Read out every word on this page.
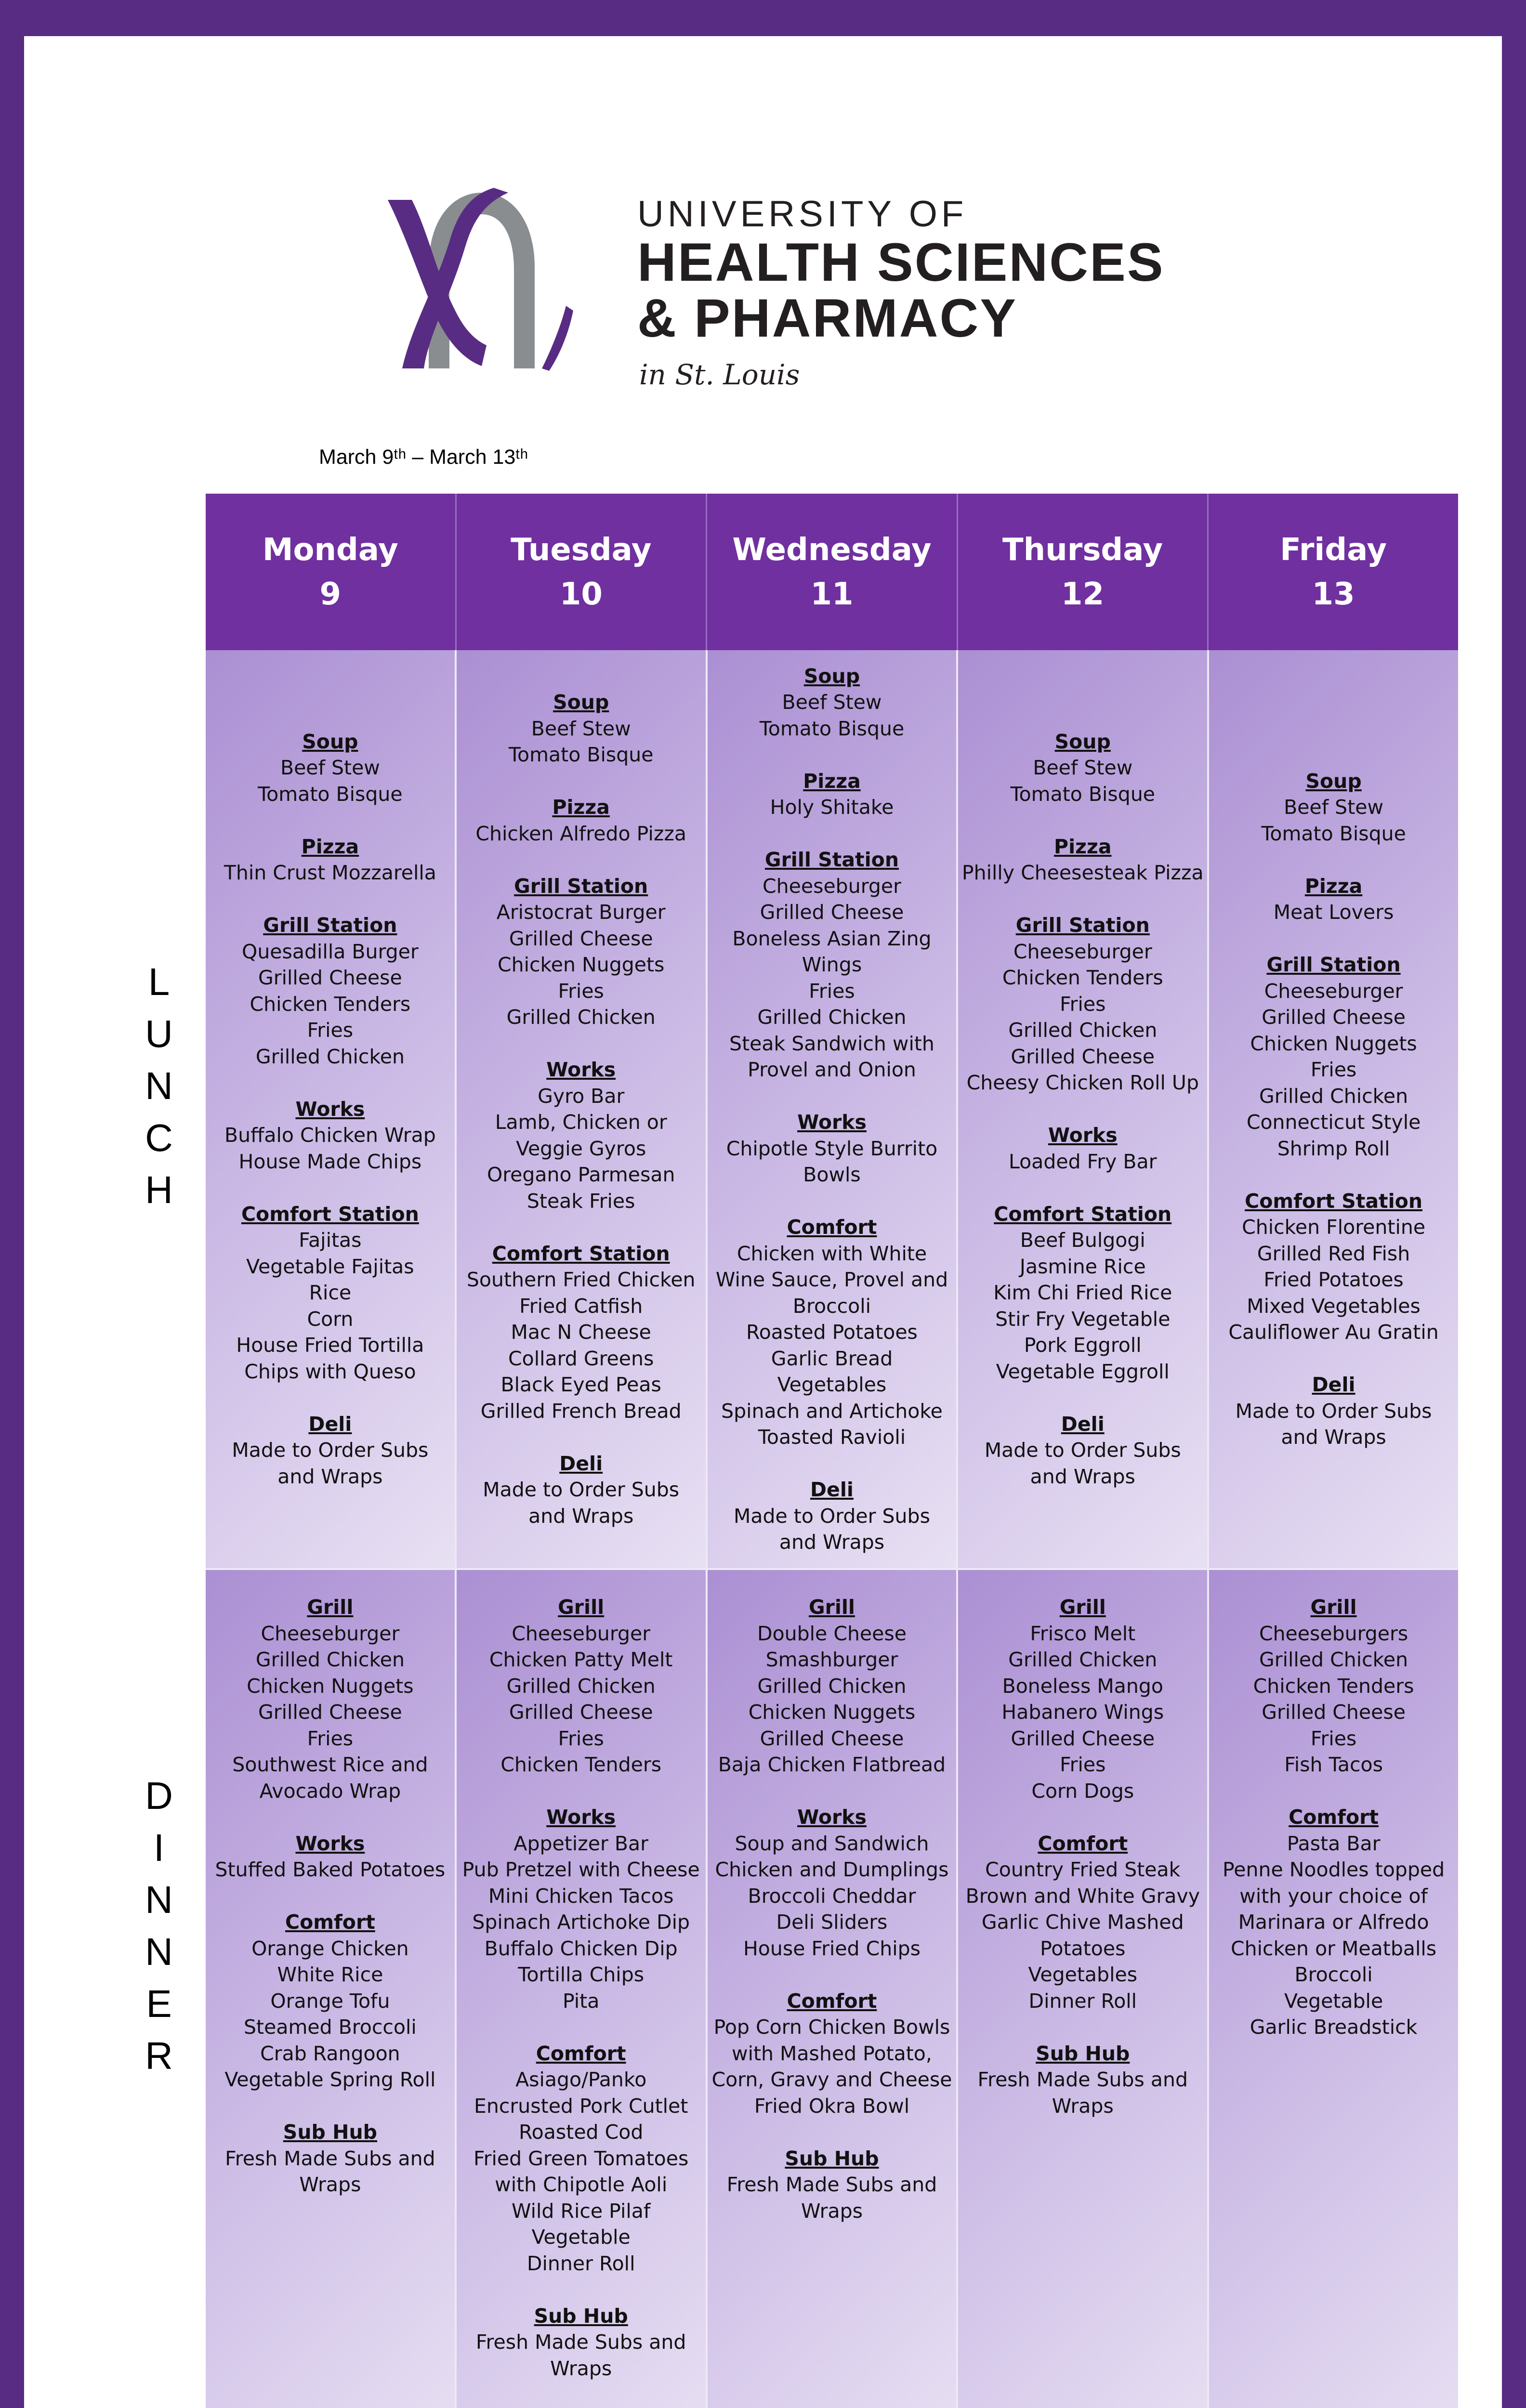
UNIVERSITY OF
HEALTH SCIENCES
& PHARMACY
in St. Louis
March 9ᵗʰ – March 13ᵗʰ
L
U
N
C
H
D
I
N
N
E
R
Monday
9
Tuesday
10
Wednesday
11
Thursday
12
Friday
13
Soup
Beef Stew
Tomato Bisque
Pizza
Thin Crust Mozzarella
Grill Station
Quesadilla Burger
Grilled Cheese
Chicken Tenders
Fries
Grilled Chicken
Works
Buffalo Chicken Wrap
House Made Chips
Comfort Station
Fajitas
Vegetable Fajitas
Rice
Corn
House Fried Tortilla
Chips with Queso
Deli
Made to Order Subs
and Wraps
Soup
Beef Stew
Tomato Bisque
Pizza
Chicken Alfredo Pizza
Grill Station
Aristocrat Burger
Grilled Cheese
Chicken Nuggets
Fries
Grilled Chicken
Works
Gyro Bar
Lamb, Chicken or
Veggie Gyros
Oregano Parmesan
Steak Fries
Comfort Station
Southern Fried Chicken
Fried Catfish
Mac N Cheese
Collard Greens
Black Eyed Peas
Grilled French Bread
Deli
Made to Order Subs
and Wraps
Soup
Beef Stew
Tomato Bisque
Pizza
Holy Shitake
Grill Station
Cheeseburger
Grilled Cheese
Boneless Asian Zing
Wings
Fries
Grilled Chicken
Steak Sandwich with
Provel and Onion
Works
Chipotle Style Burrito
Bowls
Comfort
Chicken with White
Wine Sauce, Provel and
Broccoli
Roasted Potatoes
Garlic Bread
Vegetables
Spinach and Artichoke
Toasted Ravioli
Deli
Made to Order Subs
and Wraps
Soup
Beef Stew
Tomato Bisque
Pizza
Philly Cheesesteak Pizza
Grill Station
Cheeseburger
Chicken Tenders
Fries
Grilled Chicken
Grilled Cheese
Cheesy Chicken Roll Up
Works
Loaded Fry Bar
Comfort Station
Beef Bulgogi
Jasmine Rice
Kim Chi Fried Rice
Stir Fry Vegetable
Pork Eggroll
Vegetable Eggroll
Deli
Made to Order Subs
and Wraps
Soup
Beef Stew
Tomato Bisque
Pizza
Meat Lovers
Grill Station
Cheeseburger
Grilled Cheese
Chicken Nuggets
Fries
Grilled Chicken
Connecticut Style
Shrimp Roll
Comfort Station
Chicken Florentine
Grilled Red Fish
Fried Potatoes
Mixed Vegetables
Cauliflower Au Gratin
Deli
Made to Order Subs
and Wraps
Grill
Cheeseburger
Grilled Chicken
Chicken Nuggets
Grilled Cheese
Fries
Southwest Rice and
Avocado Wrap
Works
Stuffed Baked Potatoes
Comfort
Orange Chicken
White Rice
Orange Tofu
Steamed Broccoli
Crab Rangoon
Vegetable Spring Roll
Sub Hub
Fresh Made Subs and
Wraps
Grill
Cheeseburger
Chicken Patty Melt
Grilled Chicken
Grilled Cheese
Fries
Chicken Tenders
Works
Appetizer Bar
Pub Pretzel with Cheese
Mini Chicken Tacos
Spinach Artichoke Dip
Buffalo Chicken Dip
Tortilla Chips
Pita
Comfort
Asiago/Panko
Encrusted Pork Cutlet
Roasted Cod
Fried Green Tomatoes
with Chipotle Aoli
Wild Rice Pilaf
Vegetable
Dinner Roll
Sub Hub
Fresh Made Subs and
Wraps
Grill
Double Cheese
Smashburger
Grilled Chicken
Chicken Nuggets
Grilled Cheese
Baja Chicken Flatbread
Works
Soup and Sandwich
Chicken and Dumplings
Broccoli Cheddar
Deli Sliders
House Fried Chips
Comfort
Pop Corn Chicken Bowls
with Mashed Potato,
Corn, Gravy and Cheese
Fried Okra Bowl
Sub Hub
Fresh Made Subs and
Wraps
Grill
Frisco Melt
Grilled Chicken
Boneless Mango
Habanero Wings
Grilled Cheese
Fries
Corn Dogs
Comfort
Country Fried Steak
Brown and White Gravy
Garlic Chive Mashed
Potatoes
Vegetables
Dinner Roll
Sub Hub
Fresh Made Subs and
Wraps
Grill
Cheeseburgers
Grilled Chicken
Chicken Tenders
Grilled Cheese
Fries
Fish Tacos
Comfort
Pasta Bar
Penne Noodles topped
with your choice of
Marinara or Alfredo
Chicken or Meatballs
Broccoli
Vegetable
Garlic Breadstick
